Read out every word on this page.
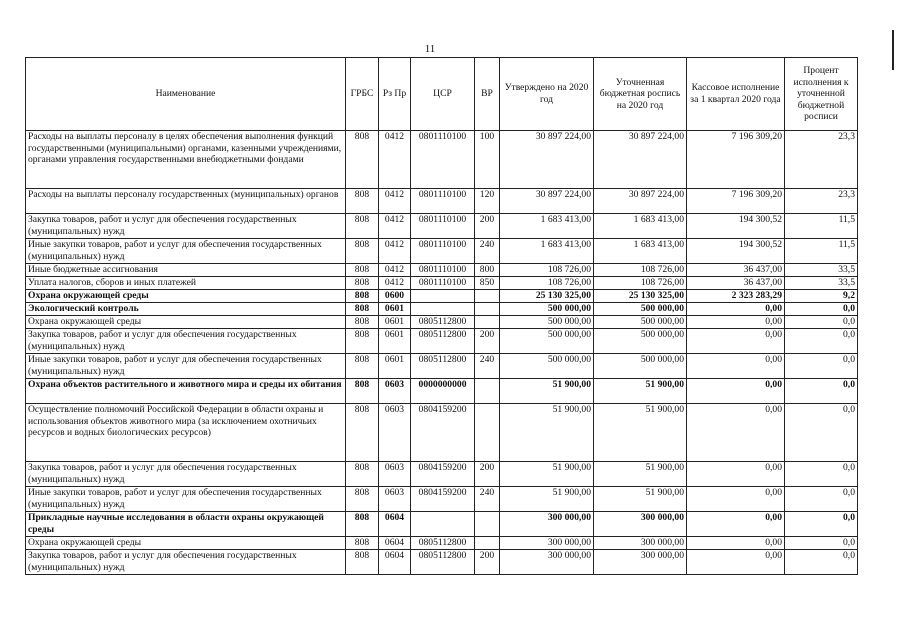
11
Наименование	ГРБС	Рз Пр	ЦСР	ВР	Утверждено на 2020 год	Уточненная бюджетная роспись на 2020 год	Кассовое исполнение за 1 квартал 2020 года	Процент исполнения к уточненной бюджетной росписи
Расходы на выплаты персоналу в целях обеспечения выполнения функций государственными (муниципальными) органами, казенными учреждениями, органами управления государственными внебюджетными фондами	808	0412	0801110100	100	30 897 224,00	30 897 224,00	7 196 309,20	23,3
Расходы на выплаты персоналу государственных (муниципальных) органов	808	0412	0801110100	120	30 897 224,00	30 897 224,00	7 196 309,20	23,3
Закупка товаров, работ и услуг для обеспечения государственных (муниципальных) нужд	808	0412	0801110100	200	1 683 413,00	1 683 413,00	194 300,52	11,5
Иные закупки товаров, работ и услуг для обеспечения государственных (муниципальных) нужд	808	0412	0801110100	240	1 683 413,00	1 683 413,00	194 300,52	11,5
Иные бюджетные ассигнования	808	0412	0801110100	800	108 726,00	108 726,00	36 437,00	33,5
Уплата налогов, сборов и иных платежей	808	0412	0801110100	850	108 726,00	108 726,00	36 437,00	33,5
Охрана окружающей среды	808	0600			25 130 325,00	25 130 325,00	2 323 283,29	9,2
Экологический контроль	808	0601			500 000,00	500 000,00	0,00	0,0
Охрана окружающей среды	808	0601	0805112800		500 000,00	500 000,00	0,00	0,0
Закупка товаров, работ и услуг для обеспечения государственных (муниципальных) нужд	808	0601	0805112800	200	500 000,00	500 000,00	0,00	0,0
Иные закупки товаров, работ и услуг для обеспечения государственных (муниципальных) нужд	808	0601	0805112800	240	500 000,00	500 000,00	0,00	0,0
Охрана объектов растительного и животного мира и среды их обитания	808	0603	0000000000		51 900,00	51 900,00	0,00	0,0
Осуществление полномочий Российской Федерации в области охраны и использования объектов животного мира (за исключением охотничьих ресурсов и водных биологических ресурсов)	808	0603	0804159200		51 900,00	51 900,00	0,00	0,0
Закупка товаров, работ и услуг для обеспечения государственных (муниципальных) нужд	808	0603	0804159200	200	51 900,00	51 900,00	0,00	0,0
Иные закупки товаров, работ и услуг для обеспечения государственных (муниципальных) нужд	808	0603	0804159200	240	51 900,00	51 900,00	0,00	0,0
Прикладные научные исследования в области охраны окружающей среды	808	0604			300 000,00	300 000,00	0,00	0,0
Охрана окружающей среды	808	0604	0805112800		300 000,00	300 000,00	0,00	0,0
Закупка товаров, работ и услуг для обеспечения государственных (муниципальных) нужд	808	0604	0805112800	200	300 000,00	300 000,00	0,00	0,0
